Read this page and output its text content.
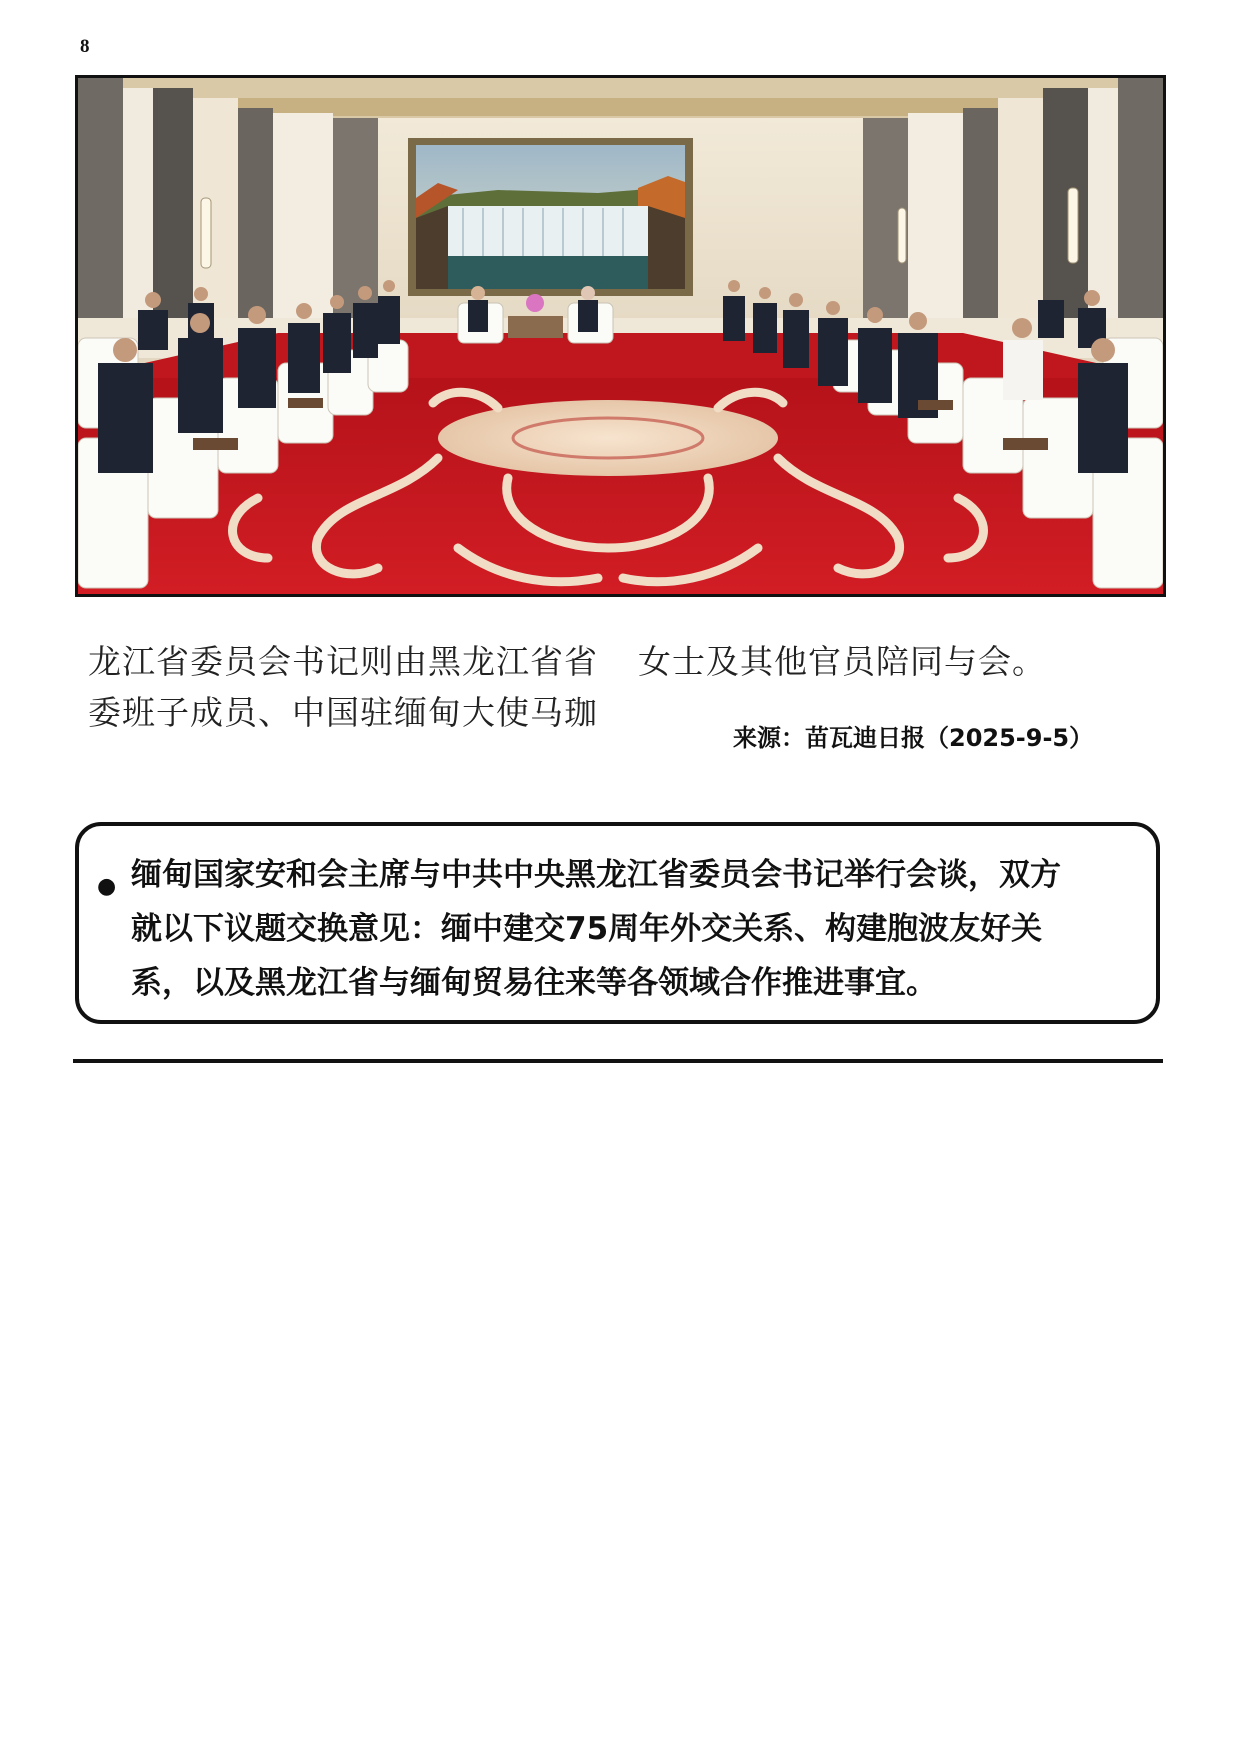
8

龙江省委员会书记则由黑龙江省省

委班子成员、中国驻缅甸大使马珈

女士及其他官员陪同与会。

来源：苗瓦迪日报（2025-9-5）
● 缅甸国家安和会主席与中共中央黑龙江省委员会书记举行会谈，双方
就以下议题交换意见：缅中建交75周年外交关系、构建胞波友好关
系，以及黑龙江省与缅甸贸易往来等各领域合作推进事宜。
